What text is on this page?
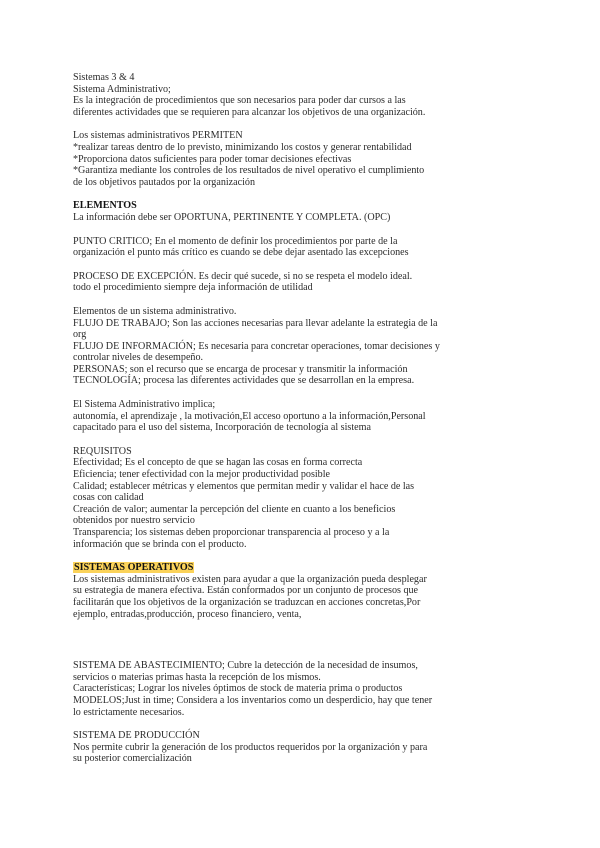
Sistemas 3 & 4
Sistema Administrativo;
Es la integración de procedimientos que son necesarios para poder dar cursos a las
diferentes actividades que se requieren para alcanzar los objetivos de una organización.
Los sistemas administrativos PERMITEN
*realizar tareas dentro de lo previsto, minimizando los costos y generar rentabilidad
*Proporciona datos suficientes para poder tomar decisiones efectivas
*Garantiza mediante los controles de los resultados de nivel operativo el cumplimiento
de los objetivos pautados por la organización
ELEMENTOS
La información debe ser OPORTUNA, PERTINENTE Y COMPLETA. (OPC)
PUNTO CRITICO; En el momento de definir los procedimientos por parte de la
organización el punto más crítico es cuando se debe dejar asentado las excepciones
PROCESO DE EXCEPCIÓN. Es decir qué sucede, si no se respeta el modelo ideal.
todo el procedimiento siempre deja información de utilidad
Elementos de un sistema administrativo.
FLUJO DE TRABAJO; Son las acciones necesarias para llevar adelante la estrategia de la
org
FLUJO DE INFORMACIÓN; Es necesaria para concretar operaciones, tomar decisiones y
controlar niveles de desempeño.
PERSONAS; son el recurso que se encarga de procesar y transmitir la información
TECNOLOGÍA; procesa las diferentes actividades que se desarrollan en la empresa.
El Sistema Administrativo implica;
autonomía, el aprendizaje , la motivación,El acceso oportuno a la información,Personal
capacitado para el uso del sistema, Incorporación de tecnología al sistema
REQUISITOS
Efectividad; Es el concepto de que se hagan las cosas en forma correcta
Eficiencia; tener efectividad con la mejor productividad posible
Calidad; establecer métricas y elementos que permitan medir y validar el hace de las
cosas con calidad
Creación de valor; aumentar la percepción del cliente en cuanto a los beneficios
obtenidos por nuestro servicio
Transparencia; los sistemas deben proporcionar transparencia al proceso y a la
información que se brinda con el producto.
SISTEMAS OPERATIVOS
Los sistemas administrativos existen para ayudar a que la organización pueda desplegar
su estrategia de manera efectiva. Están conformados por un conjunto de procesos que
facilitarán que los objetivos de la organización se traduzcan en acciones concretas,Por
ejemplo, entradas,producción, proceso financiero, venta,
SISTEMA DE ABASTECIMIENTO; Cubre la detección de la necesidad de insumos,
servicios o materias primas hasta la recepción de los mismos.
Características; Lograr los niveles óptimos de stock de materia prima o productos
MODELOS;Just in time; Considera a los inventarios como un desperdicio, hay que tener
lo estrictamente necesarios.
SISTEMA DE PRODUCCIÓN
Nos permite cubrir la generación de los productos requeridos por la organización y para
su posterior comercialización
